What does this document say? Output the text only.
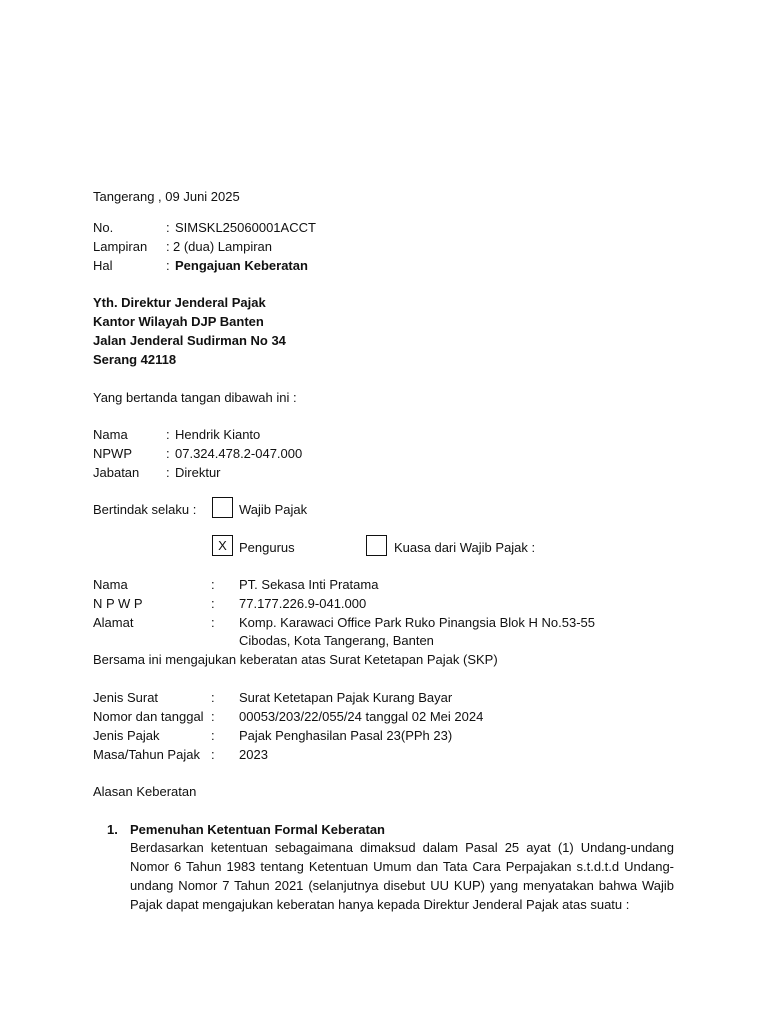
Tangerang , 09 Juni 2025
No.	: SIMSKL25060001ACCT
Lampiran : 2 (dua) Lampiran
Hal	: Pengajuan Keberatan
Yth. Direktur Jenderal Pajak
Kantor Wilayah DJP Banten
Jalan Jenderal Sudirman No 34
Serang 42118
Yang bertanda tangan dibawah ini :
Nama	: Hendrik Kianto
NPWP	: 07.324.478.2-047.000
Jabatan : Direktur
Bertindak selaku :	Wajib Pajak
X Pengurus	Kuasa dari Wajib Pajak :
Nama	: PT. Sekasa Inti Pratama
N P W P	: 77.177.226.9-041.000
Alamat	: Komp. Karawaci Office Park Ruko Pinangsia Blok H No.53-55
Cibodas, Kota Tangerang, Banten
Bersama ini mengajukan keberatan atas Surat Ketetapan Pajak (SKP)
Jenis Surat	: Surat Ketetapan Pajak Kurang Bayar
Nomor dan tanggal : 00053/203/22/055/24 tanggal 02 Mei 2024
Jenis Pajak	: Pajak Penghasilan Pasal 23(PPh 23)
Masa/Tahun Pajak : 2023
Alasan Keberatan
1. Pemenuhan Ketentuan Formal Keberatan
Berdasarkan ketentuan sebagaimana dimaksud dalam Pasal 25 ayat (1) Undang-undang
Nomor 6 Tahun 1983 tentang Ketentuan Umum dan Tata Cara Perpajakan s.t.d.t.d Undang-
undang Nomor 7 Tahun 2021 (selanjutnya disebut UU KUP) yang menyatakan bahwa Wajib
Pajak dapat mengajukan keberatan hanya kepada Direktur Jenderal Pajak atas suatu :
